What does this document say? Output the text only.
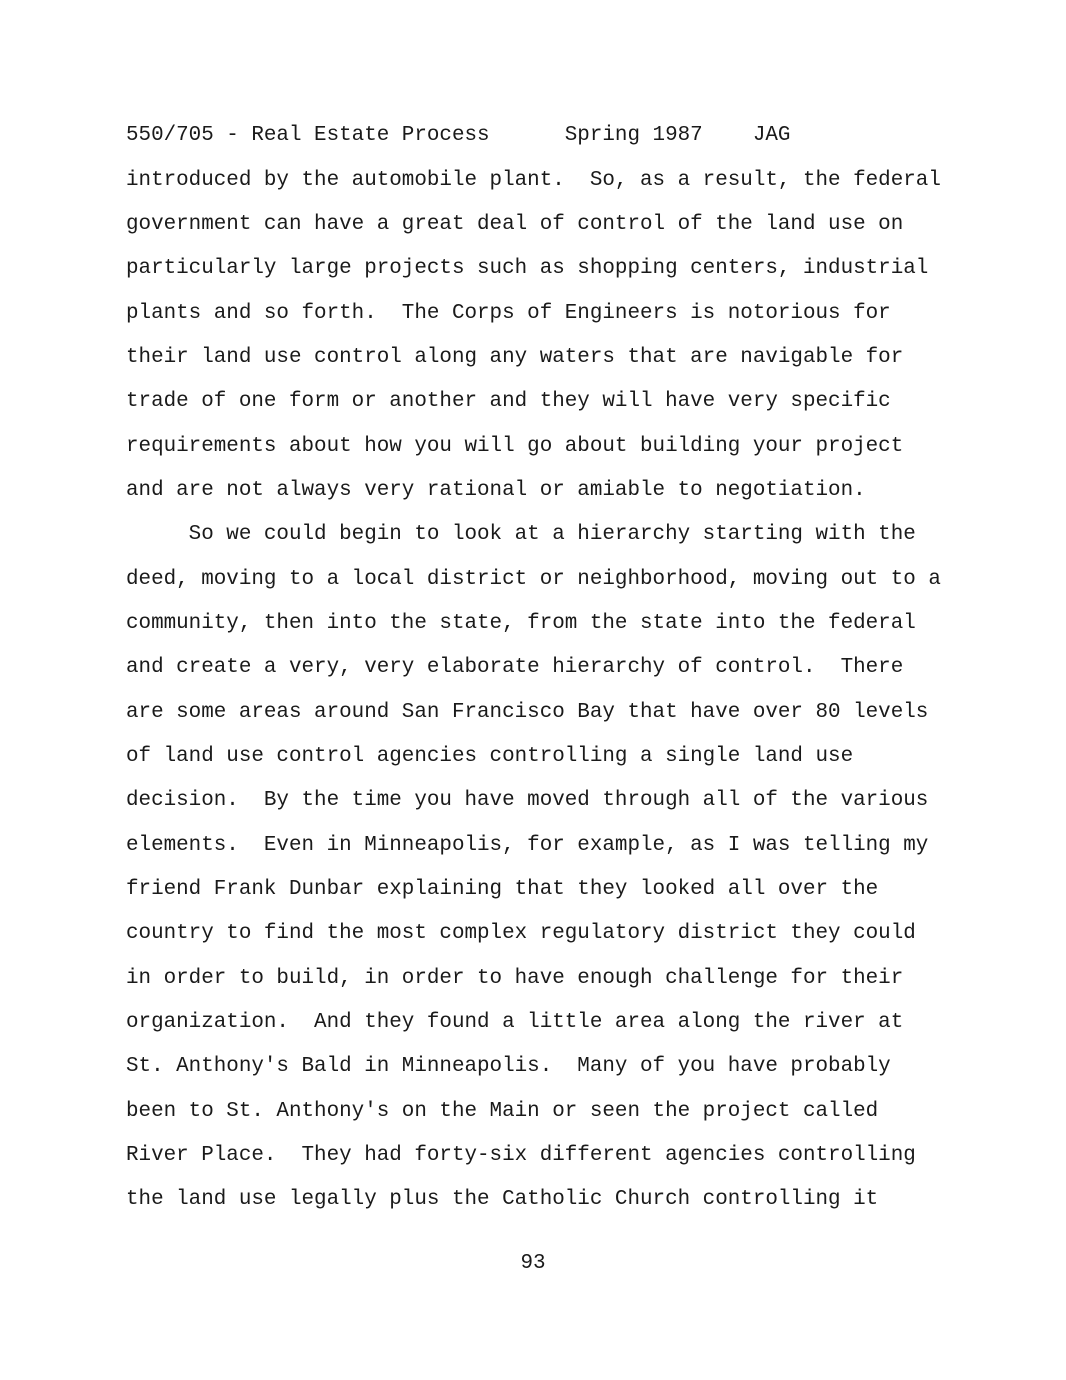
550/705 - Real Estate Process      Spring 1987    JAG
introduced by the automobile plant.  So, as a result, the federal
government can have a great deal of control of the land use on
particularly large projects such as shopping centers, industrial
plants and so forth.  The Corps of Engineers is notorious for
their land use control along any waters that are navigable for
trade of one form or another and they will have very specific
requirements about how you will go about building your project
and are not always very rational or amiable to negotiation.
So we could begin to look at a hierarchy starting with the
deed, moving to a local district or neighborhood, moving out to a
community, then into the state, from the state into the federal
and create a very, very elaborate hierarchy of control.  There
are some areas around San Francisco Bay that have over 80 levels
of land use control agencies controlling a single land use
decision.  By the time you have moved through all of the various
elements.  Even in Minneapolis, for example, as I was telling my
friend Frank Dunbar explaining that they looked all over the
country to find the most complex regulatory district they could
in order to build, in order to have enough challenge for their
organization.  And they found a little area along the river at
St. Anthony's Bald in Minneapolis.  Many of you have probably
been to St. Anthony's on the Main or seen the project called
River Place.  They had forty-six different agencies controlling
the land use legally plus the Catholic Church controlling it
93
